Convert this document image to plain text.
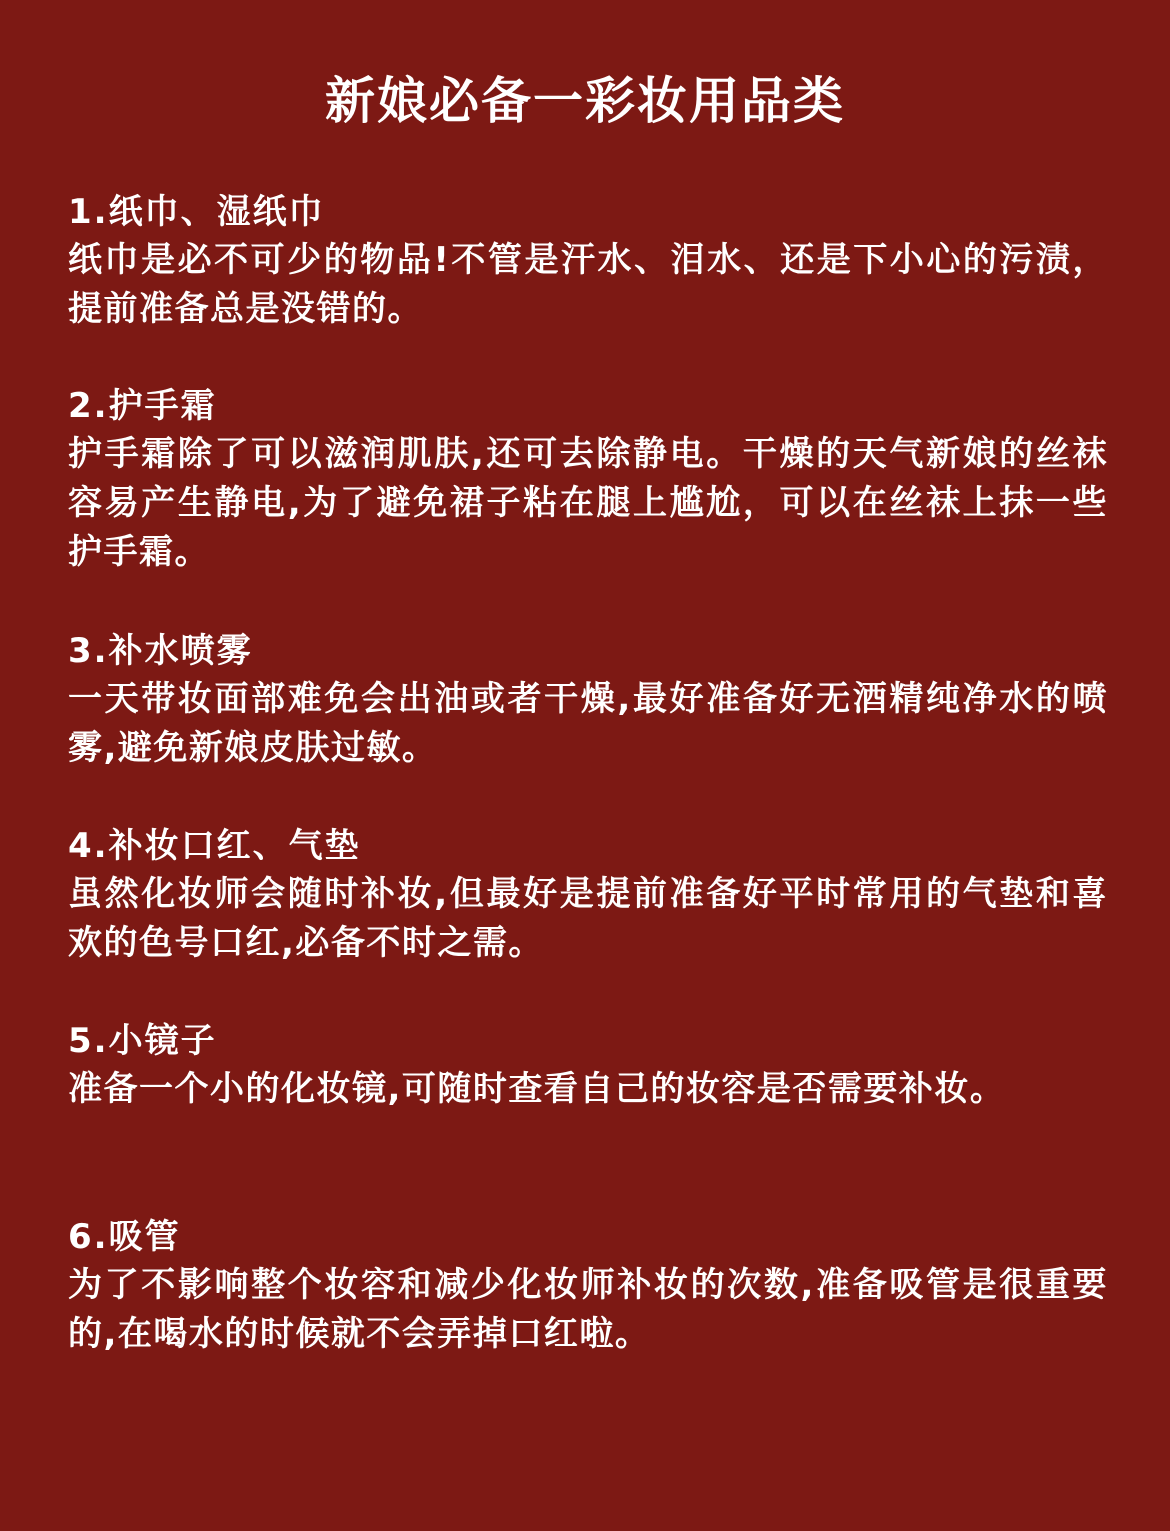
新娘必备一彩妆用品类

1.纸巾、湿纸巾

纸巾是必不可少的物品!不管是汗水、泪水、还是下小心的污渍，提前准备总是没错的。

2.护手霜

护手霜除了可以滋润肌肤,还可去除静电。干燥的天气新娘的丝袜容易产生静电,为了避免裙子粘在腿上尴尬，可以在丝袜上抹一些护手霜。

3.补水喷雾

一天带妆面部难免会出油或者干燥,最好准备好无酒精纯净水的喷雾,避免新娘皮肤过敏。

4.补妆口红、气垫

虽然化妆师会随时补妆,但最好是提前准备好平时常用的气垫和喜欢的色号口红,必备不时之需。

5.小镜子

准备一个小的化妆镜,可随时查看自己的妆容是否需要补妆。

6.吸管

为了不影响整个妆容和减少化妆师补妆的次数,准备吸管是很重要的,在喝水的时候就不会弄掉口红啦。
